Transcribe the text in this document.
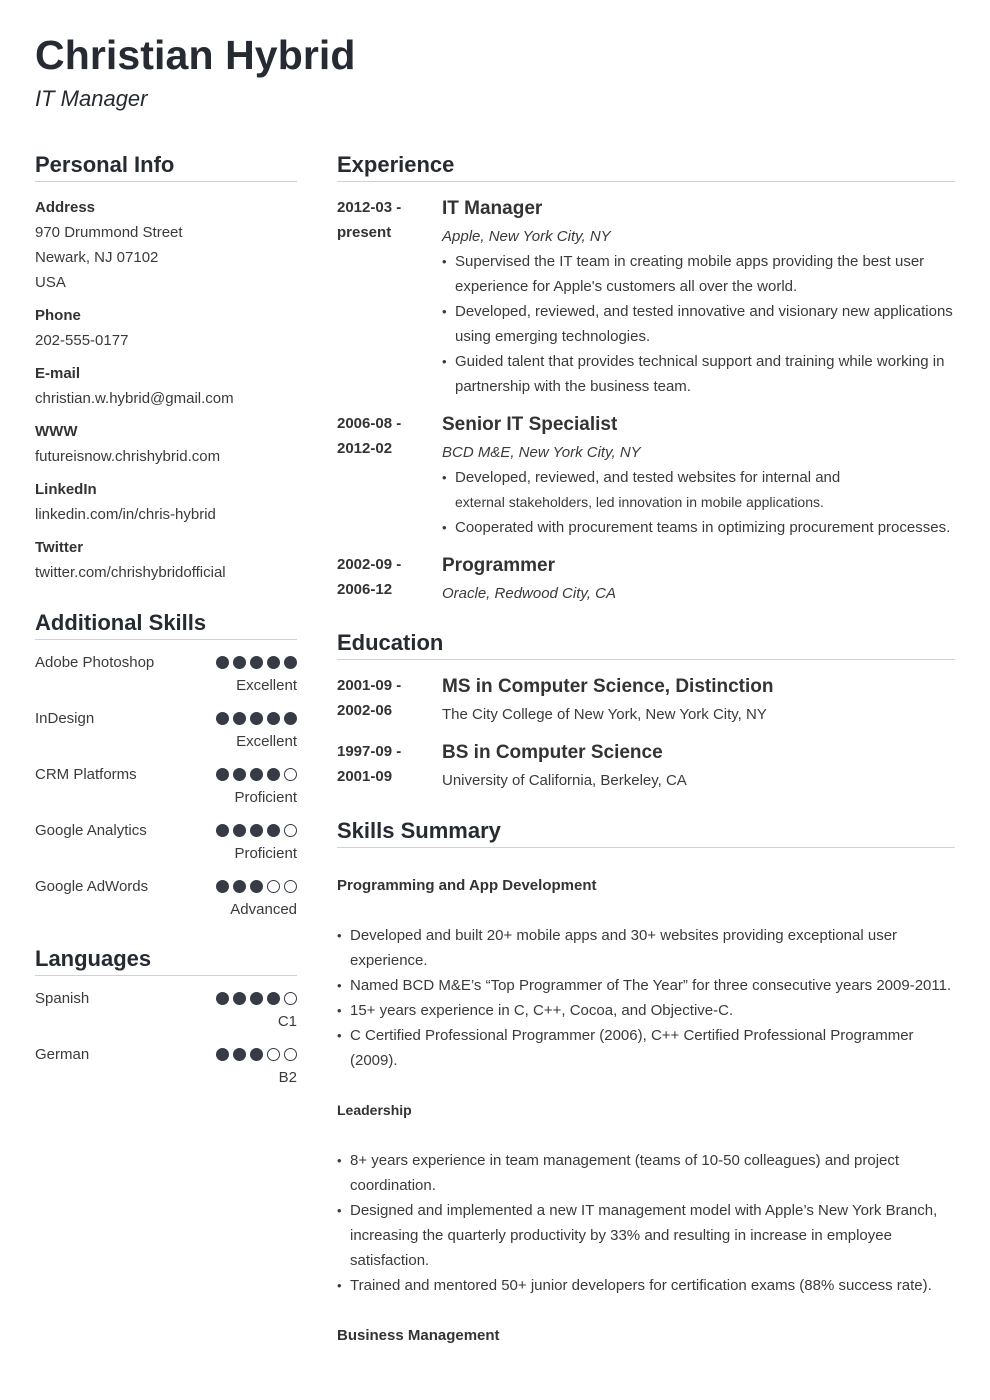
Christian Hybrid
IT Manager
Personal Info
Address
970 Drummond Street
Newark, NJ 07102
USA
Phone
202-555-0177
E-mail
christian.w.hybrid@gmail.com
WWW
futureisnow.chrishybrid.com
LinkedIn
linkedin.com/in/chris-hybrid
Twitter
twitter.com/chrishybridofficial
Additional Skills
Adobe Photoshop
Excellent
InDesign
Excellent
CRM Platforms
Proficient
Google Analytics
Proficient
Google AdWords
Advanced
Languages
Spanish
C1
German
B2
Experience
2012-03 -
present
IT Manager
Apple, New York City, NY
• Supervised the IT team in creating mobile apps providing the best user experience for Apple's customers all over the world.
• Developed, reviewed, and tested innovative and visionary new applications using emerging technologies.
• Guided talent that provides technical support and training while working in partnership with the business team.
2006-08 -
2012-02
Senior IT Specialist
BCD M&E, New York City, NY
• Developed, reviewed, and tested websites for internal and
external stakeholders, led innovation in mobile applications.
• Cooperated with procurement teams in optimizing procurement processes.
2002-09 -
2006-12
Programmer
Oracle, Redwood City, CA
Education
2001-09 -
2002-06
MS in Computer Science, Distinction
The City College of New York, New York City, NY
1997-09 -
2001-09
BS in Computer Science
University of California, Berkeley, CA
Skills Summary
Programming and App Development
• Developed and built 20+ mobile apps and 30+ websites providing exceptional user experience.
• Named BCD M&E’s “Top Programmer of The Year” for three consecutive years 2009-2011.
• 15+ years experience in C, C++, Cocoa, and Objective-C.
• C Certified Professional Programmer (2006), C++ Certified Professional Programmer (2009).
Leadership
• 8+ years experience in team management (teams of 10-50 colleagues) and project coordination.
• Designed and implemented a new IT management model with Apple’s New York Branch, increasing the quarterly productivity by 33% and resulting in increase in employee satisfaction.
• Trained and mentored 50+ junior developers for certification exams (88% success rate).
Business Management
